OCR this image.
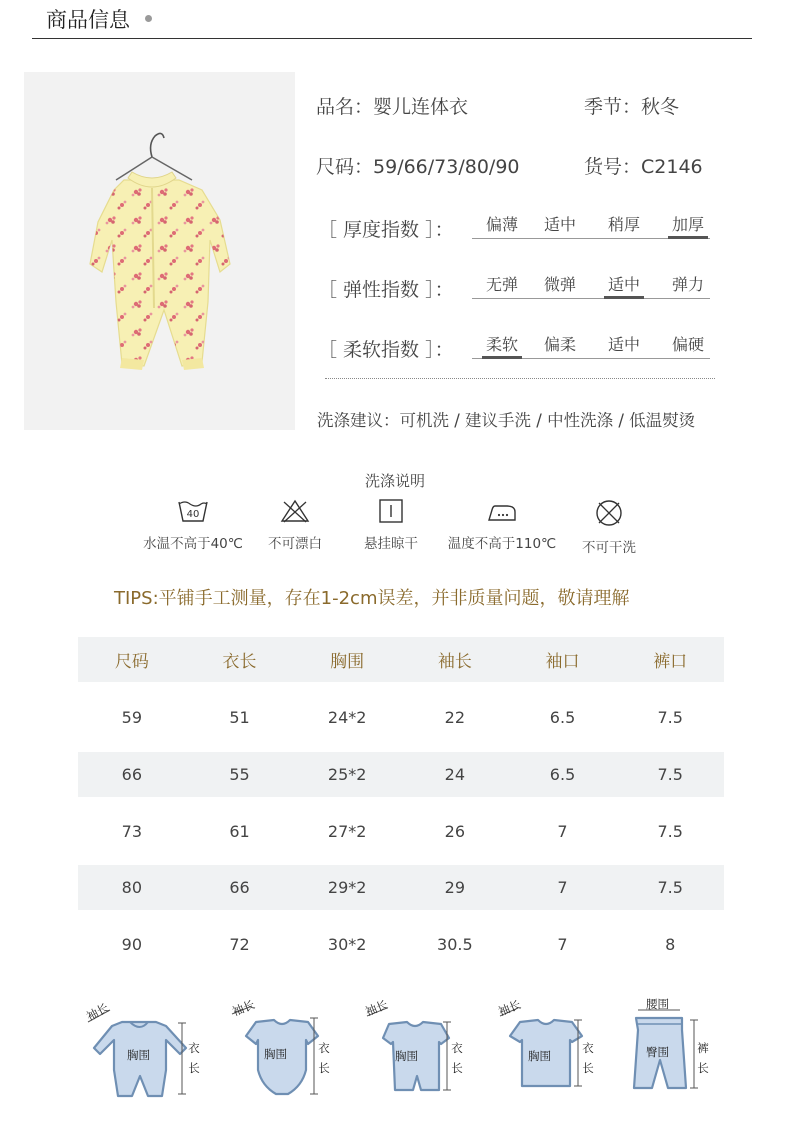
商品信息
品名：婴儿连体衣	季节：秋冬
尺码：59/66/73/80/90	货号：C2146
［ 厚度指数 ］：	偏薄	适中	稍厚	加厚
［ 弹性指数 ］：	无弹	微弹	适中	弹力
［ 柔软指数 ］：	柔软	偏柔	适中	偏硬
洗涤建议：可机洗 / 建议手洗 / 中性洗涤 / 低温熨烫
洗涤说明
40
水温不高于40℃	不可漂白	悬挂晾干	温度不高于110℃	不可干洗
TIPS:平铺手工测量，存在1-2cm误差，并非质量问题，敬请理解
尺码	衣长	胸围	袖长	袖口	裤口
59	51	24*2	22	6.5	7.5
66	55	25*2	24	6.5	7.5
73	61	27*2	26	7	7.5
80	66	29*2	29	7	7.5
90	72	30*2	30.5	7	8
袖长
胸围	衣长
袖长
胸围	衣长
袖长
胸围
衣长
袖长
胸围
衣长
腰围
臀围 裤长
